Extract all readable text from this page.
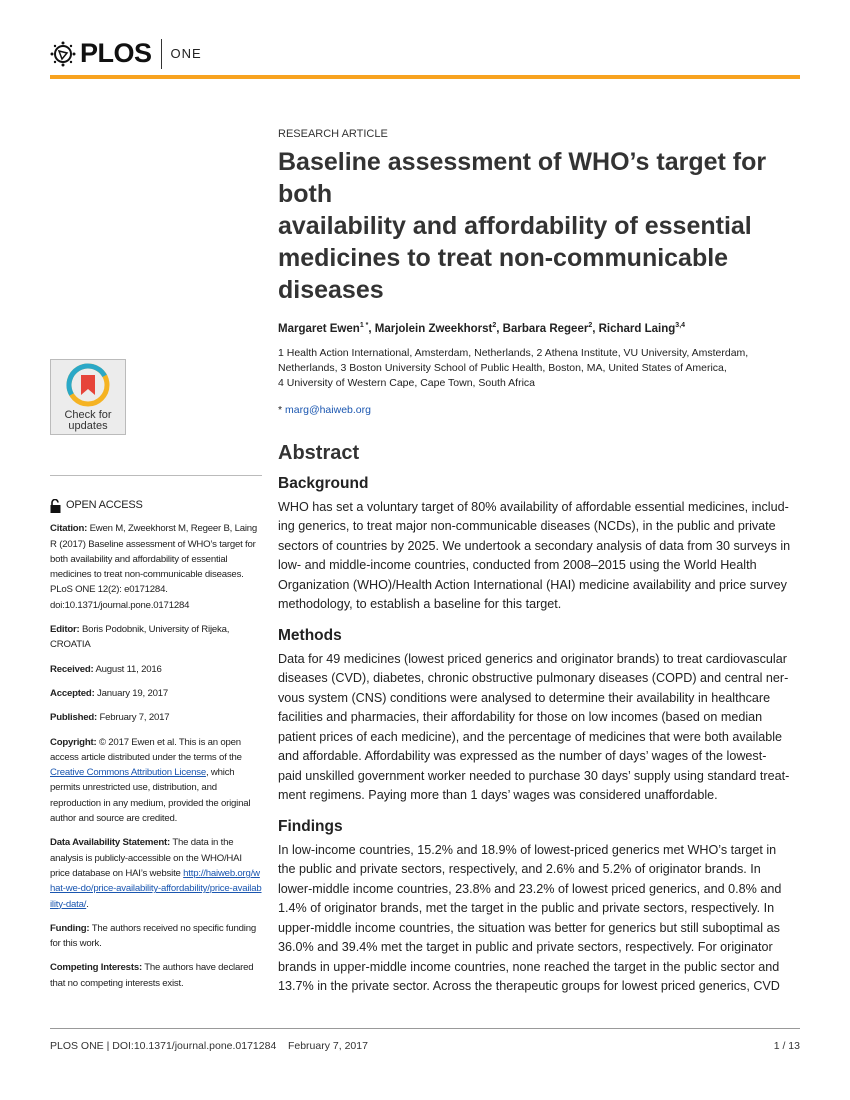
PLOS ONE
Check for
updates
OPEN ACCESS

Citation: Ewen M, Zweekhorst M, Regeer B, Laing R (2017) Baseline assessment of WHO’s target for both availability and affordability of essential medicines to treat non-communicable diseases. PLoS ONE 12(2): e0171284. doi:10.1371/journal.pone.0171284

Editor: Boris Podobnik, University of Rijeka, CROATIA

Received: August 11, 2016

Accepted: January 19, 2017

Published: February 7, 2017

Copyright: © 2017 Ewen et al. This is an open access article distributed under the terms of the Creative Commons Attribution License, which permits unrestricted use, distribution, and reproduction in any medium, provided the original author and source are credited.

Data Availability Statement: The data in the analysis is publicly-accessible on the WHO/HAI price database on HAI’s website http://haiweb.org/what-we-do/price-availability-affordability/price-availability-data/.

Funding: The authors received no specific funding for this work.

Competing Interests: The authors have declared that no competing interests exist.

RESEARCH ARTICLE
Baseline assessment of WHO’s target for both
availability and affordability of essential
medicines to treat non-communicable
diseases
Margaret Ewen$^{1 *}$, Marjolein Zweekhorst$^2$, Barbara Regeer$^2$, Richard Laing$^{3,4}$
1 Health Action International, Amsterdam, Netherlands, 2 Athena Institute, VU University, Amsterdam,
Netherlands, 3 Boston University School of Public Health, Boston, MA, United States of America,
4 University of Western Cape, Cape Town, South Africa
* marg@haiweb.org
Abstract
Background
WHO has set a voluntary target of 80% availability of affordable essential medicines, includ-
ing generics, to treat major non-communicable diseases (NCDs), in the public and private
sectors of countries by 2025. We undertook a secondary analysis of data from 30 surveys in
low- and middle-income countries, conducted from 2008–2015 using the World Health
Organization (WHO)/Health Action International (HAI) medicine availability and price survey
methodology, to establish a baseline for this target.
Methods
Data for 49 medicines (lowest priced generics and originator brands) to treat cardiovascular
diseases (CVD), diabetes, chronic obstructive pulmonary diseases (COPD) and central ner-
vous system (CNS) conditions were analysed to determine their availability in healthcare
facilities and pharmacies, their affordability for those on low incomes (based on median
patient prices of each medicine), and the percentage of medicines that were both available
and affordable. Affordability was expressed as the number of days’ wages of the lowest-
paid unskilled government worker needed to purchase 30 days’ supply using standard treat-
ment regimens. Paying more than 1 days’ wages was considered unaffordable.
Findings
In low-income countries, 15.2% and 18.9% of lowest-priced generics met WHO’s target in
the public and private sectors, respectively, and 2.6% and 5.2% of originator brands. In
lower-middle income countries, 23.8% and 23.2% of lowest priced generics, and 0.8% and
1.4% of originator brands, met the target in the public and private sectors, respectively. In
upper-middle income countries, the situation was better for generics but still suboptimal as
36.0% and 39.4% met the target in public and private sectors, respectively. For originator
brands in upper-middle income countries, none reached the target in the public sector and
13.7% in the private sector. Across the therapeutic groups for lowest priced generics, CVD
PLOS ONE | DOI:10.1371/journal.pone.0171284    February 7, 2017	1 / 13
